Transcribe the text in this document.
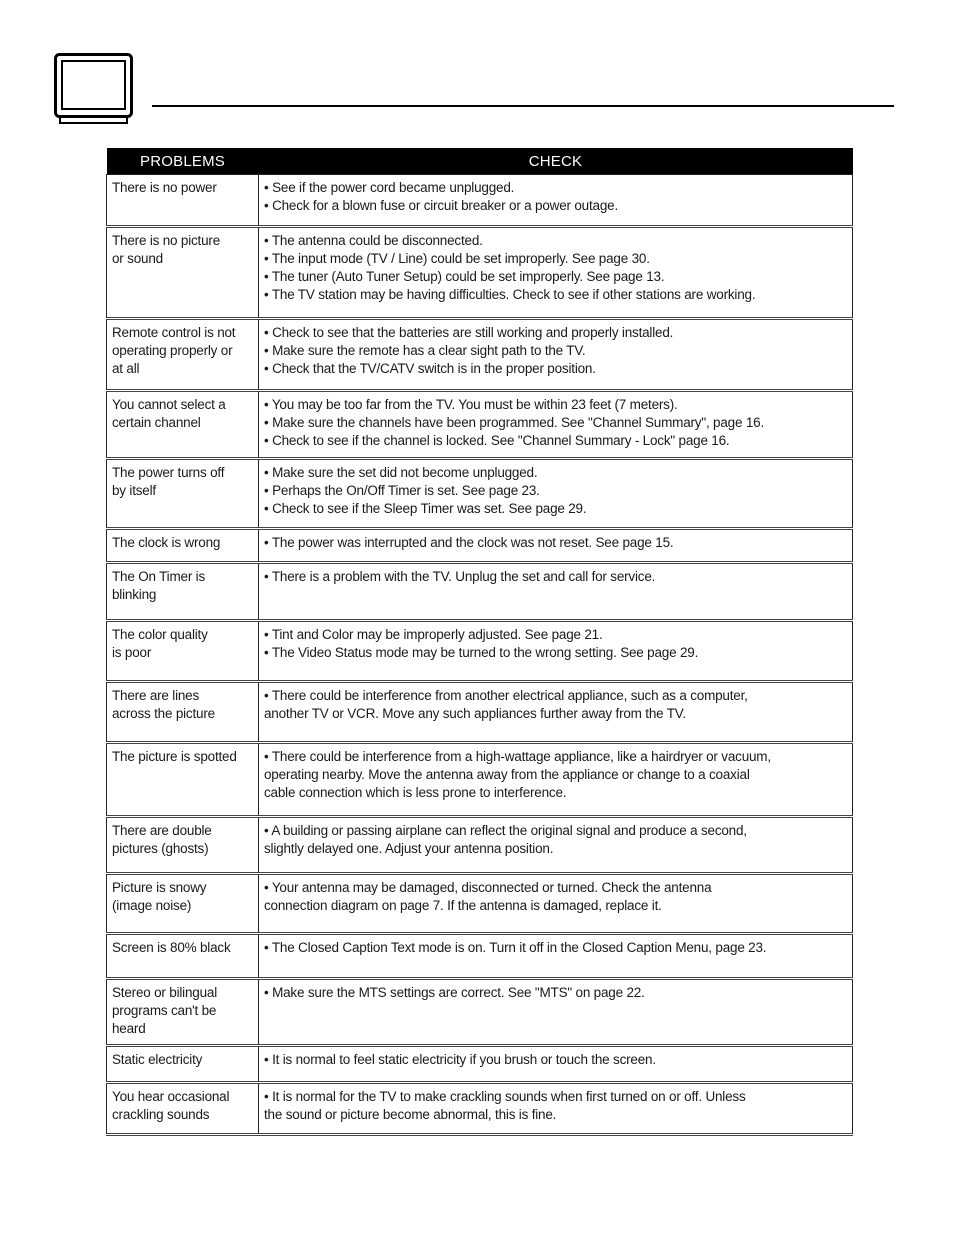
PROBLEMS	CHECK
There is no power	• See if the power cord became unplugged.
• Check for a blown fuse or circuit breaker or a power outage.

There is no picture
or sound	• The antenna could be disconnected.
• The input mode (TV / Line) could be set improperly. See page 30.
• The tuner (Auto Tuner Setup) could be set improperly. See page 13.
• The TV station may be having difficulties. Check to see if other stations are working.

Remote control is not
operating properly or
at all	• Check to see that the batteries are still working and properly installed.
• Make sure the remote has a clear sight path to the TV.
• Check that the TV/CATV switch is in the proper position.

You cannot select a
certain channel	• You may be too far from the TV. You must be within 23 feet (7 meters).
• Make sure the channels have been programmed. See "Channel Summary", page 16.
• Check to see if the channel is locked. See "Channel Summary - Lock" page 16.

The power turns off
by itself	• Make sure the set did not become unplugged.
• Perhaps the On/Off Timer is set. See page 23.
• Check to see if the Sleep Timer was set. See page 29.

The clock is wrong	• The power was interrupted and the clock was not reset. See page 15.

The On Timer is
blinking	• There is a problem with the TV. Unplug the set and call for service.

The color quality
is poor	• Tint and Color may be improperly adjusted. See page 21.
• The Video Status mode may be turned to the wrong setting. See page 29.

There are lines
across the picture	• There could be interference from another electrical appliance, such as a computer,
another TV or VCR. Move any such appliances further away from the TV.

The picture is spotted	• There could be interference from a high-wattage appliance, like a hairdryer or vacuum,
operating nearby. Move the antenna away from the appliance or change to a coaxial
cable connection which is less prone to interference.

There are double
pictures (ghosts)	• A building or passing airplane can reflect the original signal and produce a second,
slightly delayed one. Adjust your antenna position.

Picture is snowy
(image noise)	• Your antenna may be damaged, disconnected or turned. Check the antenna
connection diagram on page 7. If the antenna is damaged, replace it.

Screen is 80% black	• The Closed Caption Text mode is on. Turn it off in the Closed Caption Menu, page 23.

Stereo or bilingual
programs can't be
heard	• Make sure the MTS settings are correct. See "MTS" on page 22.

Static electricity	• It is normal to feel static electricity if you brush or touch the screen.

You hear occasional
crackling sounds	• It is normal for the TV to make crackling sounds when first turned on or off. Unless
the sound or picture become abnormal, this is fine.
